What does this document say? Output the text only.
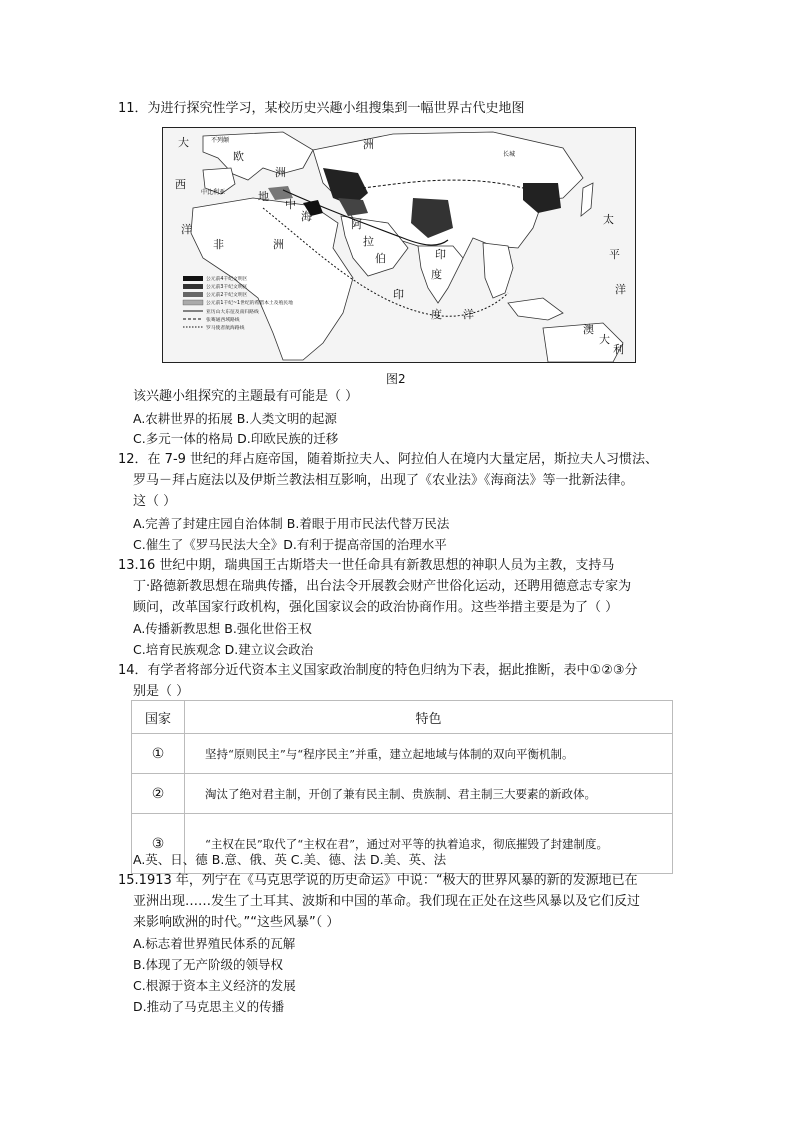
11．为进行探究性学习，某校历史兴趣小组搜集到一幅世界古代史地图
大
西
洋
欧
洲
地
中
海
非	洲
阿
拉
伯	印
度
印
度 洋
太
平
洋
澳
大
利
洲
不列颠
中比利亚
长城
公元前4千纪文明区
公元前3千纪文明区
公元前2千纪文明区
公元前1千纪~1世纪的希腊本土及殖民地
亚历山大东征及南归路线
张骞通西域路线
罗马使者航海路线
图2
该兴趣小组探究的主题最有可能是（ ）
A.农耕世界的拓展 B.人类文明的起源
C.多元一体的格局 D.印欧民族的迁移
12．在 7-9 世纪的拜占庭帝国，随着斯拉夫人、阿拉伯人在境内大量定居，斯拉夫人习惯法、
罗马－拜占庭法以及伊斯兰教法相互影响，出现了《农业法》《海商法》等一批新法律。
这（ ）
A.完善了封建庄园自治体制 B.着眼于用市民法代替万民法
C.催生了《罗马民法大全》D.有利于提高帝国的治理水平
13.16 世纪中期，瑞典国王古斯塔夫一世任命具有新教思想的神职人员为主教，支持马
丁·路德新教思想在瑞典传播，出台法令开展教会财产世俗化运动，还聘用德意志专家为
顾问，改革国家行政机构，强化国家议会的政治协商作用。这些举措主要是为了（ ）
A.传播新教思想 B.强化世俗王权
C.培育民族观念 D.建立议会政治
14．有学者将部分近代资本主义国家政治制度的特色归纳为下表，据此推断，表中①②③分
别是（ ）
国家	特色
①	坚持“原则民主”与“程序民主”并重，建立起地域与体制的双向平衡机制。
②	淘汰了绝对君主制，开创了兼有民主制、贵族制、君主制三大要素的新政体。
③	“主权在民”取代了“主权在君”，通过对平等的执着追求，彻底摧毁了封建制度。
A.英、日、德 B.意、俄、英 C.美、德、法 D.美、英、法
15.1913 年，列宁在《马克思学说的历史命运》中说：“极大的世界风暴的新的发源地已在
亚洲出现……发生了土耳其、波斯和中国的革命。我们现在正处在这些风暴以及它们反过
来影响欧洲的时代。”“这些风暴”（ ）
A.标志着世界殖民体系的瓦解
B.体现了无产阶级的领导权
C.根源于资本主义经济的发展
D.推动了马克思主义的传播
